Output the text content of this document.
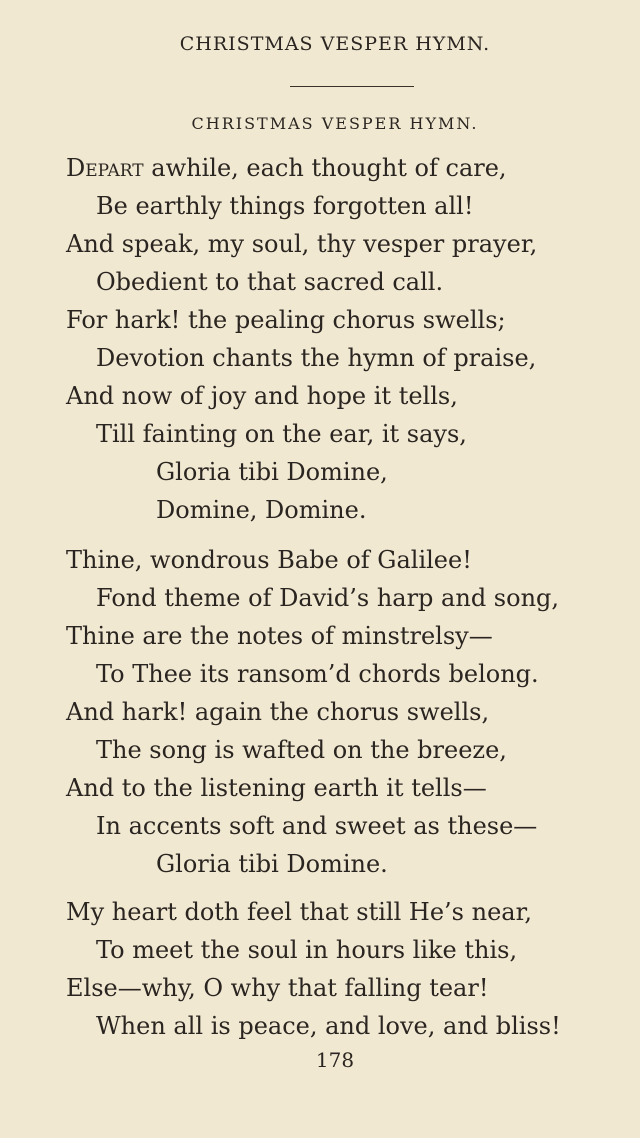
CHRISTMAS VESPER HYMN.
CHRISTMAS VESPER HYMN.
Depart awhile, each thought of care,
Be earthly things forgotten all!
And speak, my soul, thy vesper prayer,
Obedient to that sacred call.
For hark! the pealing chorus swells;
Devotion chants the hymn of praise,
And now of joy and hope it tells,
Till fainting on the ear, it says,
Gloria tibi Domine,
Domine, Domine.
Thine, wondrous Babe of Galilee!
Fond theme of David’s harp and song,
Thine are the notes of minstrelsy—
To Thee its ransom’d chords belong.
And hark! again the chorus swells,
The song is wafted on the breeze,
And to the listening earth it tells—
In accents soft and sweet as these—
Gloria tibi Domine.
My heart doth feel that still He’s near,
To meet the soul in hours like this,
Else—why, O why that falling tear!
When all is peace, and love, and bliss!
178
